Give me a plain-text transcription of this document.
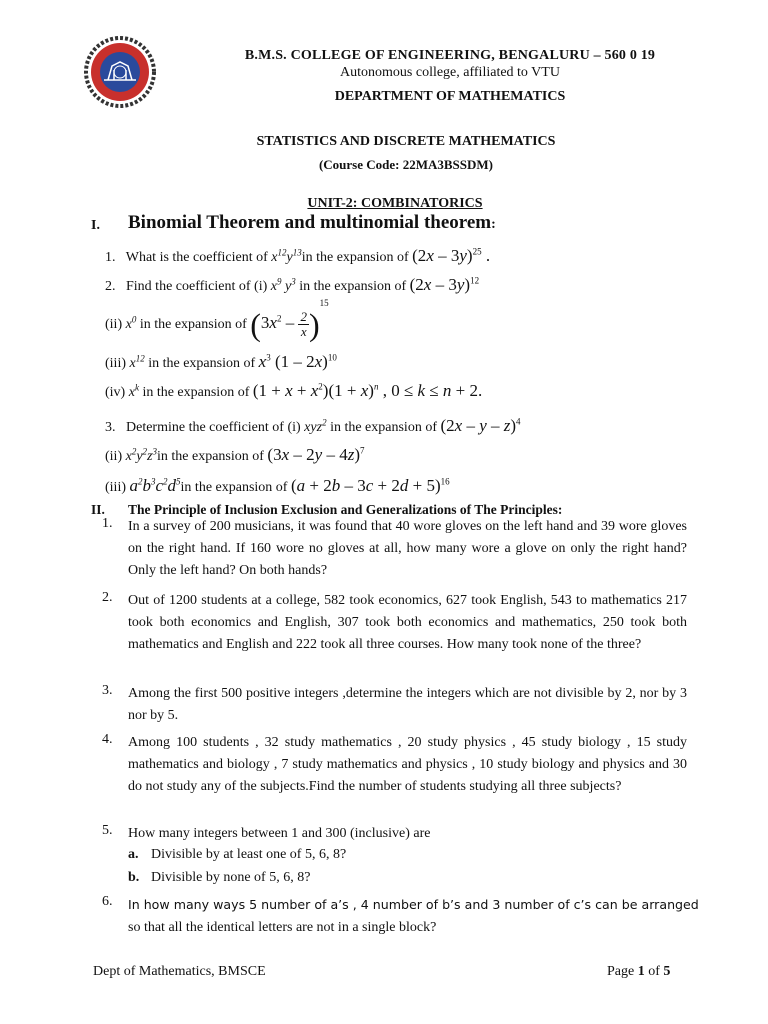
B.M.S. COLLEGE OF ENGINEERING, BENGALURU – 560 0 19
Autonomous college, affiliated to VTU
DEPARTMENT OF MATHEMATICS
STATISTICS AND DISCRETE MATHEMATICS
(Course Code: 22MA3BSSDM)
UNIT-2: COMBINATORICS
I. Binomial Theorem and multinomial theorem:
1. What is the coefficient of $x^{12}y^{13}in$ the expansion of (2x – 3y)$^{25}$ .
2. Find the coefficient of (i) $x^9$ $y^3$ in the expansion of (2x – 3y)$^{12}$
(ii) $x^0$ in the expansion of $(3x^2 - \frac{2}{x} )^{15}$
(iii) $x^{12}$ in the expansion of $x^3$ (1 – 2x)$^{10}$
(iv) $x^k$ in the expansion of $(1 + x + x^2)(1 + x)^n$ , 0 ≤ k ≤ n + 2.
3. Determine the coefficient of (i) xyz$^2$ in the expansion of (2x – y – z)$^4$
(ii) $x^2y^2z^3in$ the expansion of (3x – 2y – 4z)$^7$
(iii) $a^2b^3c^2d^5in$ the expansion of $(a + 2b - 3c + 2d + 5)^{16}$
II. The Principle of Inclusion Exclusion and Generalizations of The Principles:
1. In a survey of 200 musicians, it was found that 40 wore gloves on the left hand and 39 wore gloves on the right hand. If 160 wore no gloves at all, how many wore a glove on only the right hand? Only the left hand? On both hands?
2. Out of 1200 students at a college, 582 took economics, 627 took English, 543 to mathematics 217 took both economics and English, 307 took both economics and mathematics, 250 took both mathematics and English and 222 took all three courses. How many took none of the three?
3. Among the first 500 positive integers ,determine the integers which are not divisible by 2, nor by 3 nor by 5.
4. Among 100 students , 32 study mathematics , 20 study physics , 45 study biology , 15 study mathematics and biology , 7 study mathematics and physics , 10 study biology and physics and 30 do not study any of the subjects.Find the number of students studying all three subjects?
5. How many integers between 1 and 300 (inclusive) are
a. Divisible by at least one of 5, 6, 8?
b. Divisible by none of 5, 6, 8?
6. In how many ways 5 number of a’s , 4 number of b’s and 3 number of c’s can be arranged
so that all the identical letters are not in a single block?
Dept of Mathematics, BMSCE	Page 1 of 5
